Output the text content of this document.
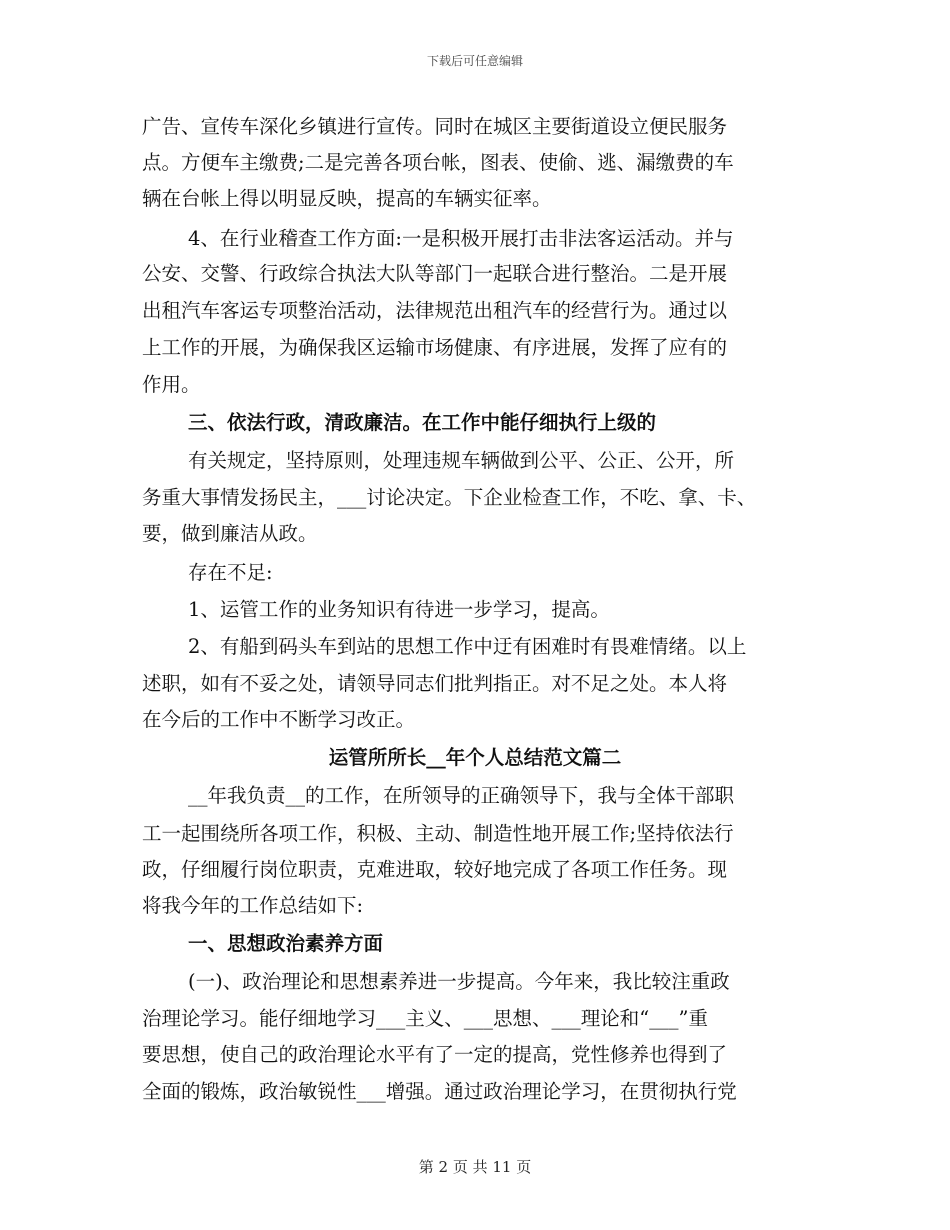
下载后可任意编辑
广告、宣传车深化乡镇进行宣传。同时在城区主要街道设立便民服务
点。方便车主缴费;二是完善各项台帐，图表、使偷、逃、漏缴费的车
辆在台帐上得以明显反映，提高的车辆实征率。
4、在行业稽查工作方面:一是积极开展打击非法客运活动。并与
公安、交警、行政综合执法大队等部门一起联合进行整治。二是开展
出租汽车客运专项整治活动，法律规范出租汽车的经营行为。通过以
上工作的开展，为确保我区运输市场健康、有序进展，发挥了应有的
作用。
三、依法行政，清政廉洁。在工作中能仔细执行上级的
有关规定，坚持原则，处理违规车辆做到公平、公正、公开，所
务重大事情发扬民主，___讨论决定。下企业检查工作，不吃、拿、卡、
要，做到廉洁从政。
存在不足:
1、运管工作的业务知识有待进一步学习，提高。
2、有船到码头车到站的思想工作中迂有困难时有畏难情绪。以上
述职，如有不妥之处，请领导同志们批判指正。对不足之处。本人将
在今后的工作中不断学习改正。
运管所所长__年个人总结范文篇二
__年我负责__的工作，在所领导的正确领导下，我与全体干部职
工一起围绕所各项工作，积极、主动、制造性地开展工作;坚持依法行
政，仔细履行岗位职责，克难进取，较好地完成了各项工作任务。现
将我今年的工作总结如下:
一、思想政治素养方面
(一)、政治理论和思想素养进一步提高。今年来，我比较注重政
治理论学习。能仔细地学习___主义、___思想、___理论和“___”重
要思想，使自己的政治理论水平有了一定的提高，党性修养也得到了
全面的锻炼，政治敏锐性___增强。通过政治理论学习，在贯彻执行党
第 2 页 共 11 页
